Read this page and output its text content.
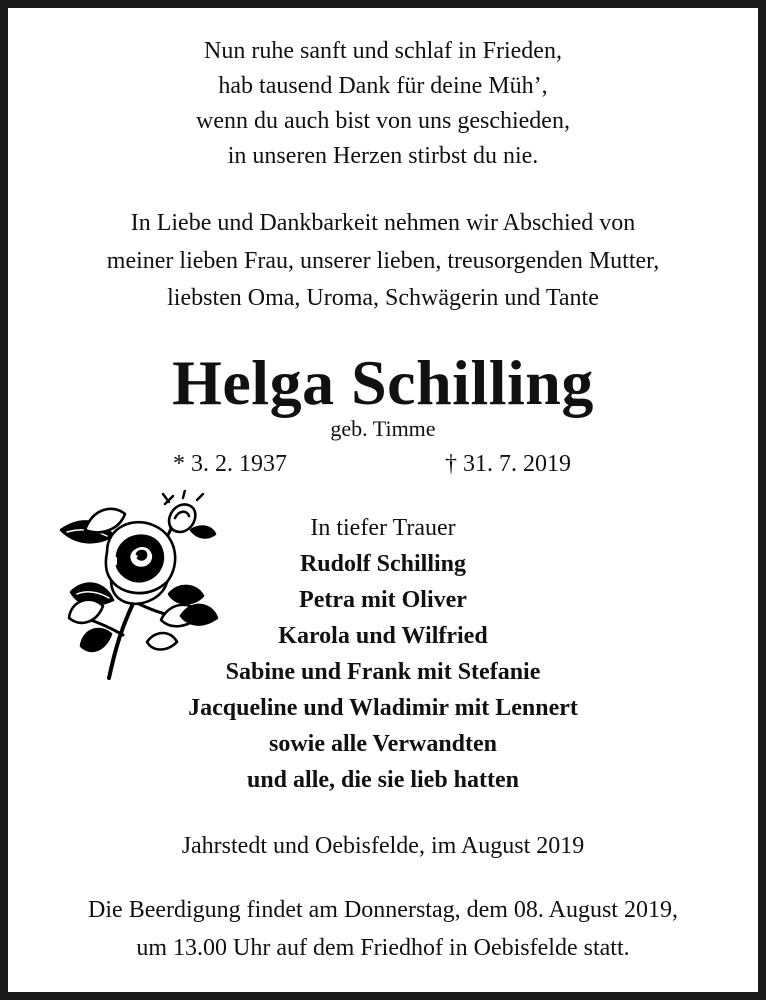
Nun ruhe sanft und schlaf in Frieden,
hab tausend Dank für deine Müh’,
wenn du auch bist von uns geschieden,
in unseren Herzen stirbst du nie.
In Liebe und Dankbarkeit nehmen wir Abschied von
meiner lieben Frau, unserer lieben, treusorgenden Mutter,
liebsten Oma, Uroma, Schwägerin und Tante
Helga Schilling
geb. Timme
* 3. 2. 1937	† 31. 7. 2019
In tiefer Trauer
Rudolf Schilling
Petra mit Oliver
Karola und Wilfried
Sabine und Frank mit Stefanie
Jacqueline und Wladimir mit Lennert
sowie alle Verwandten
und alle, die sie lieb hatten
Jahrstedt und Oebisfelde, im August 2019
Die Beerdigung findet am Donnerstag, dem 08. August 2019,
um 13.00 Uhr auf dem Friedhof in Oebisfelde statt.
